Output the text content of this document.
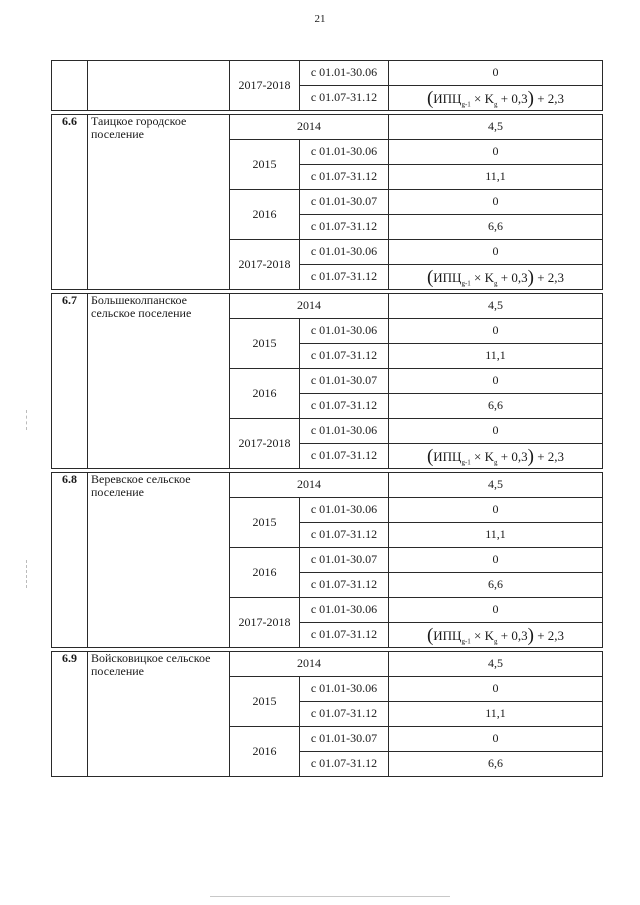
21
		2017-2018	с 01.01-30.06	0
			с 01.07-31.12	$(ИПЦ_{g-1} \times K_g + 0,3) + 2,3$

6.6	Таицкое городское поселение	2014		4,5
		2015	с 01.01-30.06	0
			с 01.07-31.12	11,1
		2016	с 01.01-30.07	0
			с 01.07-31.12	6,6
		2017-2018	с 01.01-30.06	0
			с 01.07-31.12	$(ИПЦ_{g-1} \times K_g + 0,3) + 2,3$

6.7	Большеколпанское сельское поселение	2014		4,5
		2015	с 01.01-30.06	0
			с 01.07-31.12	11,1
		2016	с 01.01-30.07	0
			с 01.07-31.12	6,6
		2017-2018	с 01.01-30.06	0
			с 01.07-31.12	$(ИПЦ_{g-1} \times K_g + 0,3) + 2,3$

6.8	Веревское сельское поселение	2014		4,5
		2015	с 01.01-30.06	0
			с 01.07-31.12	11,1
		2016	с 01.01-30.07	0
			с 01.07-31.12	6,6
		2017-2018	с 01.01-30.06	0
			с 01.07-31.12	$(ИПЦ_{g-1} \times K_g + 0,3) + 2,3$

6.9	Войсковицкое сельское поселение	2014		4,5
		2015	с 01.01-30.06	0
			с 01.07-31.12	11,1
		2016	с 01.01-30.07	0
			с 01.07-31.12	6,6
